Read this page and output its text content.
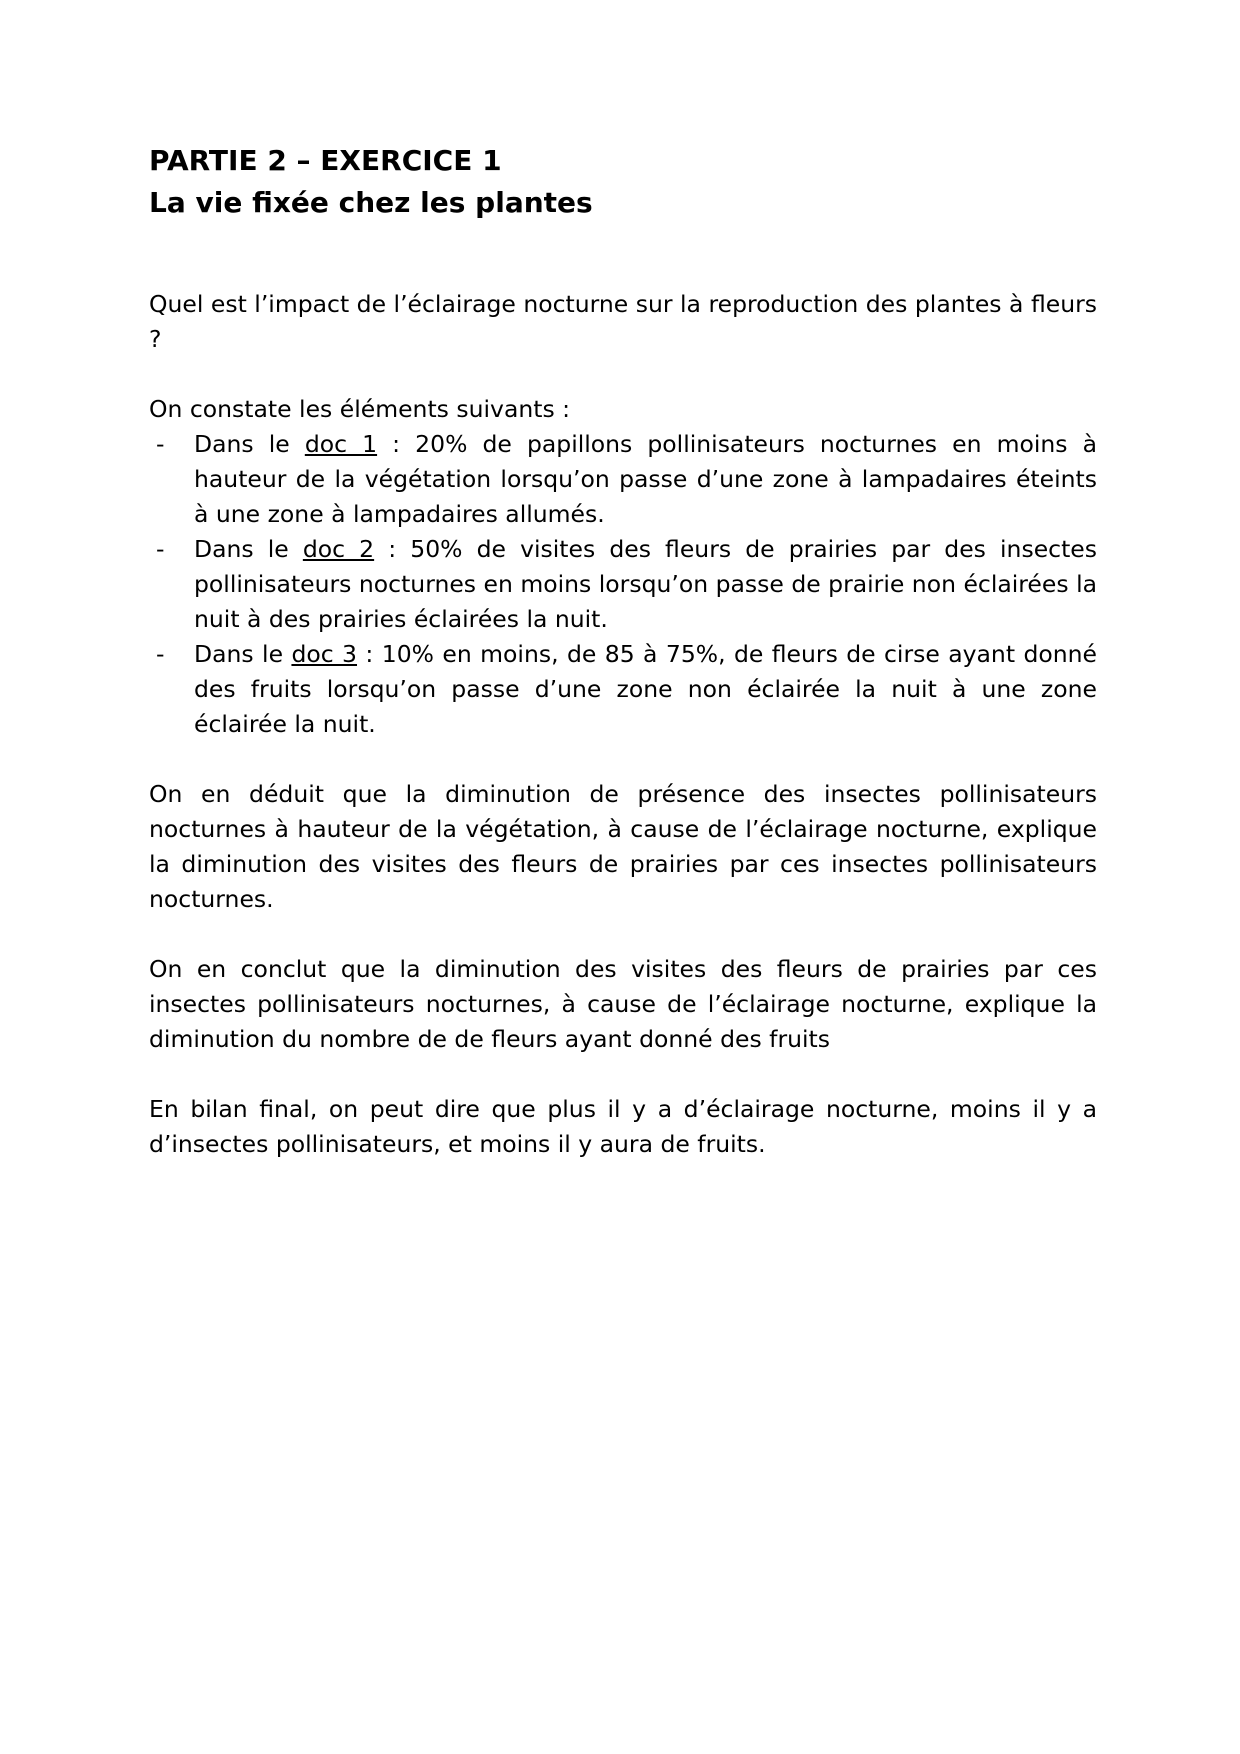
PARTIE 2 – EXERCICE 1
La vie fixée chez les plantes

Quel est l’impact de l’éclairage nocturne sur la reproduction des plantes à fleurs ?

On constate les éléments suivants :

- Dans le doc 1 : 20% de papillons pollinisateurs nocturnes en moins à hauteur de la végétation lorsqu’on passe d’une zone à lampadaires éteints à une zone à lampadaires allumés.
- Dans le doc 2 : 50% de visites des fleurs de prairies par des insectes pollinisateurs nocturnes en moins lorsqu’on passe de prairie non éclairées la nuit à des prairies éclairées la nuit.
- Dans le doc 3 : 10% en moins, de 85 à 75%, de fleurs de cirse ayant donné des fruits lorsqu’on passe d’une zone non éclairée la nuit à une zone éclairée la nuit.

On en déduit que la diminution de présence des insectes pollinisateurs nocturnes à hauteur de la végétation, à cause de l’éclairage nocturne, explique la diminution des visites des fleurs de prairies par ces insectes pollinisateurs nocturnes.

On en conclut que la diminution des visites des fleurs de prairies par ces insectes pollinisateurs nocturnes, à cause de l’éclairage nocturne, explique la diminution du nombre de de fleurs ayant donné des fruits

En bilan final, on peut dire que plus il y a d’éclairage nocturne, moins il y a d’insectes pollinisateurs, et moins il y aura de fruits.
